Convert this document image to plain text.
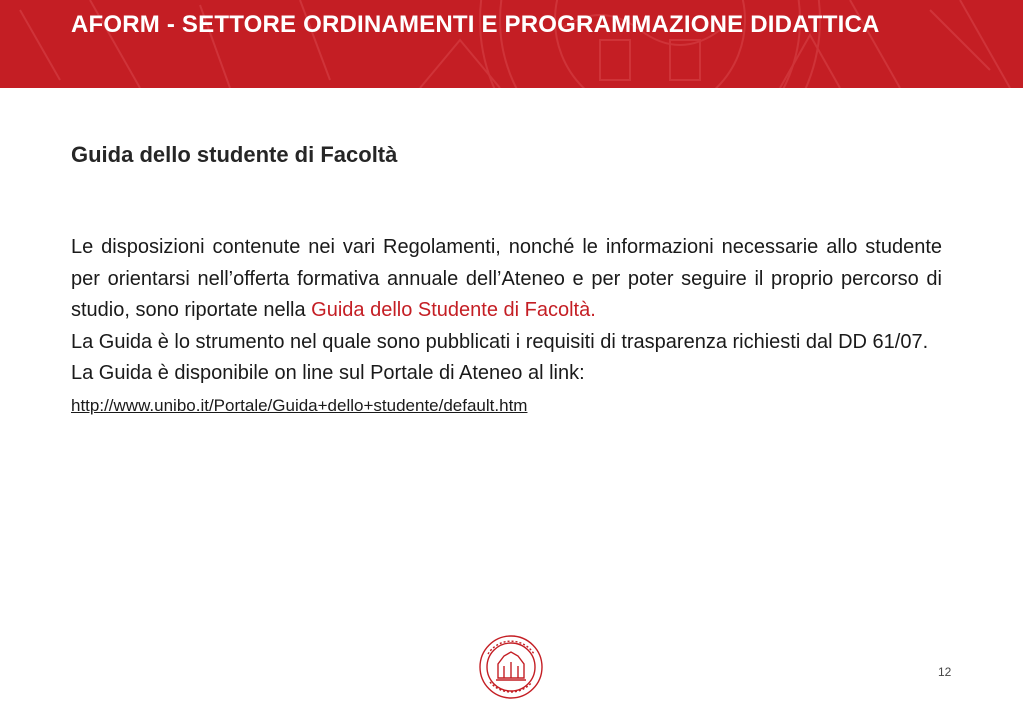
AFORM - SETTORE ORDINAMENTI E PROGRAMMAZIONE DIDATTICA
Guida dello studente di Facoltà

Le disposizioni contenute nei vari Regolamenti, nonché le informazioni necessarie allo studente per orientarsi nell’offerta formativa annuale dell’Ateneo e per poter seguire il proprio percorso di studio, sono riportate nella Guida dello Studente di Facoltà.

La Guida è lo strumento nel quale sono pubblicati i requisiti di trasparenza richiesti dal DD 61/07.

La Guida è disponibile on line sul Portale di Ateneo al link:

http://www.unibo.it/Portale/Guida+dello+studente/default.htm
12
